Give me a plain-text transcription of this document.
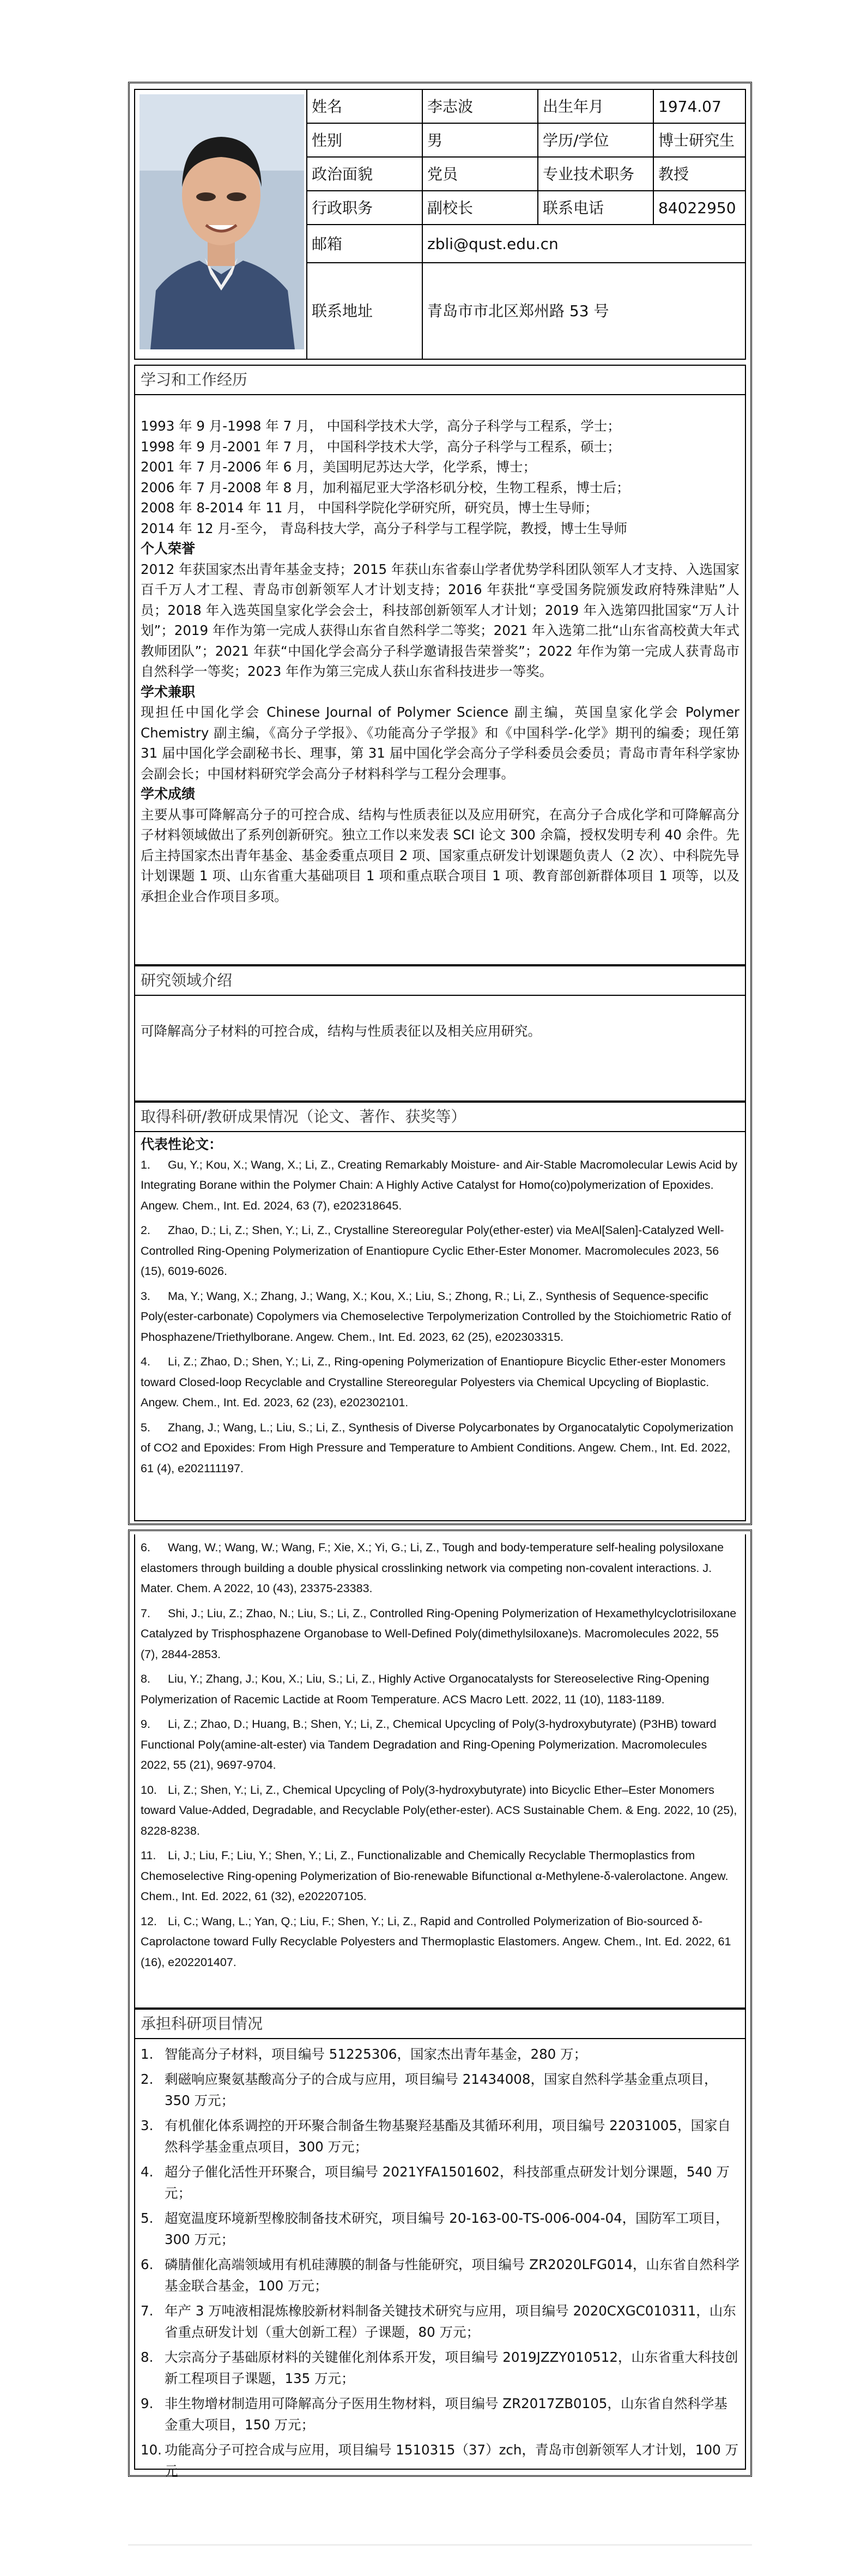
姓名	李志波	出生年月	1974.07
性别	男	学历/学位	博士研究生
政治面貌	党员	专业技术职务	教授
行政职务	副校长	联系电话	84022950
邮箱	zbli@qust.edu.cn
联系地址	青岛市市北区郑州路 53 号
学习和工作经历

1993 年 9 月-1998 年 7 月， 中国科学技术大学，高分子科学与工程系，学士；

1998 年 9 月-2001 年 7 月， 中国科学技术大学，高分子科学与工程系，硕士；

2001 年 7 月-2006 年 6 月，美国明尼苏达大学，化学系，博士；

2006 年 7 月-2008 年 8 月，加利福尼亚大学洛杉矶分校，生物工程系，博士后；

2008 年 8-2014 年 11 月， 中国科学院化学研究所，研究员，博士生导师；

2014 年 12 月-至今， 青岛科技大学，高分子科学与工程学院，教授，博士生导师

个人荣誉

2012 年获国家杰出青年基金支持；2015 年获山东省泰山学者优势学科团队领军人才支持、入选国家百千万人才工程、青岛市创新领军人才计划支持；2016 年获批“享受国务院颁发政府特殊津贴”人员；2018 年入选英国皇家化学会会士，科技部创新领军人才计划；2019 年入选第四批国家“万人计划”；2019 年作为第一完成人获得山东省自然科学二等奖；2021 年入选第二批“山东省高校黄大年式教师团队”；2021 年获“中国化学会高分子科学邀请报告荣誉奖”；2022 年作为第一完成人获青岛市自然科学一等奖；2023 年作为第三完成人获山东省科技进步一等奖。

学术兼职

现担任中国化学会 Chinese Journal of Polymer Science 副主编，英国皇家化学会 Polymer Chemistry 副主编，《高分子学报》、《功能高分子学报》和《中国科学-化学》期刊的编委；现任第 31 届中国化学会副秘书长、理事，第 31 届中国化学会高分子学科委员会委员；青岛市青年科学家协会副会长；中国材料研究学会高分子材料科学与工程分会理事。

学术成绩

主要从事可降解高分子的可控合成、结构与性质表征以及应用研究，在高分子合成化学和可降解高分子材料领域做出了系列创新研究。独立工作以来发表 SCI 论文 300 余篇，授权发明专利 40 余件。先后主持国家杰出青年基金、基金委重点项目 2 项、国家重点研发计划课题负责人（2 次）、中科院先导计划课题 1 项、山东省重大基础项目 1 项和重点联合项目 1 项、教育部创新群体项目 1 项等，以及承担企业合作项目多项。

研究领域介绍
可降解高分子材料的可控合成，结构与性质表征以及相关应用研究。
取得科研/教研成果情况（论文、著作、获奖等）

代表性论文：

1. Gu, Y.; Kou, X.; Wang, X.; Li, Z., Creating Remarkably Moisture- and Air-Stable Macromolecular Lewis Acid by Integrating Borane within the Polymer Chain: A Highly Active Catalyst for Homo(co)polymerization of Epoxides. Angew. Chem., Int. Ed. 2024, 63 (7), e202318645.
2. Zhao, D.; Li, Z.; Shen, Y.; Li, Z., Crystalline Stereoregular Poly(ether-ester) via MeAl[Salen]-Catalyzed Well-Controlled Ring-Opening Polymerization of Enantiopure Cyclic Ether-Ester Monomer. Macromolecules 2023, 56 (15), 6019-6026.
3. Ma, Y.; Wang, X.; Zhang, J.; Wang, X.; Kou, X.; Liu, S.; Zhong, R.; Li, Z., Synthesis of Sequence-specific Poly(ester-carbonate) Copolymers via Chemoselective Terpolymerization Controlled by the Stoichiometric Ratio of Phosphazene/Triethylborane. Angew. Chem., Int. Ed. 2023, 62 (25), e202303315.
4. Li, Z.; Zhao, D.; Shen, Y.; Li, Z., Ring-opening Polymerization of Enantiopure Bicyclic Ether-ester Monomers toward Closed-loop Recyclable and Crystalline Stereoregular Polyesters via Chemical Upcycling of Bioplastic. Angew. Chem., Int. Ed. 2023, 62 (23), e202302101.
5. Zhang, J.; Wang, L.; Liu, S.; Li, Z., Synthesis of Diverse Polycarbonates by Organocatalytic Copolymerization of CO2 and Epoxides: From High Pressure and Temperature to Ambient Conditions. Angew. Chem., Int. Ed. 2022, 61 (4), e202111197.
6. Wang, W.; Wang, W.; Wang, F.; Xie, X.; Yi, G.; Li, Z., Tough and body-temperature self-healing polysiloxane elastomers through building a double physical crosslinking network via competing non-covalent interactions. J. Mater. Chem. A 2022, 10 (43), 23375-23383.
7. Shi, J.; Liu, Z.; Zhao, N.; Liu, S.; Li, Z., Controlled Ring-Opening Polymerization of Hexamethylcyclotrisiloxane Catalyzed by Trisphosphazene Organobase to Well-Defined Poly(dimethylsiloxane)s. Macromolecules 2022, 55 (7), 2844-2853.
8. Liu, Y.; Zhang, J.; Kou, X.; Liu, S.; Li, Z., Highly Active Organocatalysts for Stereoselective Ring-Opening Polymerization of Racemic Lactide at Room Temperature. ACS Macro Lett. 2022, 11 (10), 1183-1189.
9. Li, Z.; Zhao, D.; Huang, B.; Shen, Y.; Li, Z., Chemical Upcycling of Poly(3-hydroxybutyrate) (P3HB) toward Functional Poly(amine-alt-ester) via Tandem Degradation and Ring-Opening Polymerization. Macromolecules 2022, 55 (21), 9697-9704.
10. Li, Z.; Shen, Y.; Li, Z., Chemical Upcycling of Poly(3-hydroxybutyrate) into Bicyclic Ether–Ester Monomers toward Value-Added, Degradable, and Recyclable Poly(ether-ester). ACS Sustainable Chem. & Eng. 2022, 10 (25), 8228-8238.
11. Li, J.; Liu, F.; Liu, Y.; Shen, Y.; Li, Z., Functionalizable and Chemically Recyclable Thermoplastics from Chemoselective Ring-opening Polymerization of Bio-renewable Bifunctional α-Methylene-δ-valerolactone. Angew. Chem., Int. Ed. 2022, 61 (32), e202207105.
12. Li, C.; Wang, L.; Yan, Q.; Liu, F.; Shen, Y.; Li, Z., Rapid and Controlled Polymerization of Bio-sourced δ-Caprolactone toward Fully Recyclable Polyesters and Thermoplastic Elastomers. Angew. Chem., Int. Ed. 2022, 61 (16), e202201407.
承担科研项目情况
1. 智能高分子材料，项目编号 51225306，国家杰出青年基金，280 万；
2. 剩磁响应聚氨基酸高分子的合成与应用，项目编号 21434008，国家自然科学基金重点项目，350 万元；
3. 有机催化体系调控的开环聚合制备生物基聚羟基酯及其循环利用，项目编号 22031005，国家自然科学基金重点项目，300 万元；
4. 超分子催化活性开环聚合，项目编号 2021YFA1501602，科技部重点研发计划分课题，540 万元；
5. 超宽温度环境新型橡胶制备技术研究，项目编号 20-163-00-TS-006-004-04，国防军工项目，300 万元；
6. 磷腈催化高端领域用有机硅薄膜的制备与性能研究，项目编号 ZR2020LFG014，山东省自然科学基金联合基金，100 万元；
7. 年产 3 万吨液相混炼橡胶新材料制备关键技术研究与应用，项目编号 2020CXGC010311，山东省重点研发计划（重大创新工程）子课题，80 万元；
8. 大宗高分子基础原材料的关键催化剂体系开发，项目编号 2019JZZY010512，山东省重大科技创新工程项目子课题，135 万元；
9. 非生物增材制造用可降解高分子医用生物材料，项目编号 ZR2017ZB0105，山东省自然科学基金重大项目，150 万元；
10. 功能高分子可控合成与应用，项目编号 1510315（37）zch，青岛市创新领军人才计划，100 万元
